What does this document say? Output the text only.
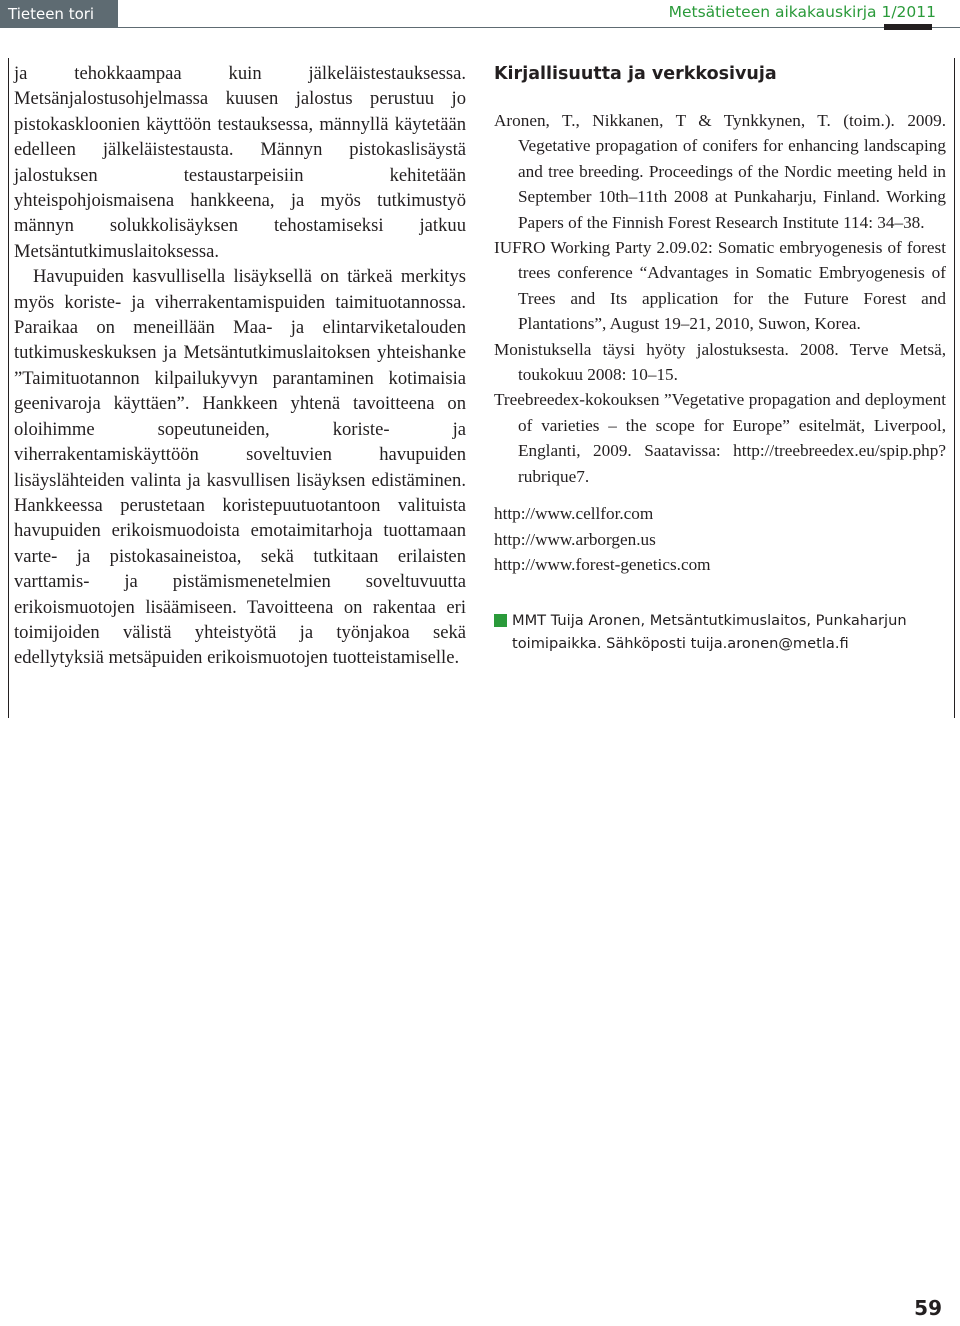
Tieteen tori	Metsätieteen aikakauskirja 1/2011

ja tehokkaampaa kuin jälkeläistestauksessa. Metsänjalostusohjelmassa kuusen jalostus perustuu jo pistokaskloonien käyttöön testauksessa, männyllä käytetään edelleen jälkeläistestausta. Männyn pistokaslisäystä jalostuksen testaustarpeisiin kehitetään yhteispohjoismaisena hankkeena, ja myös tutkimustyö männyn solukkolisäyksen tehostamiseksi jatkuu Metsäntutkimuslaitoksessa.

Havupuiden kasvullisella lisäyksellä on tärkeä merkitys myös koriste- ja viherrakentamispuiden taimituotannossa. Paraikaa on meneillään Maa- ja elintarviketalouden tutkimuskeskuksen ja Metsäntutkimuslaitoksen yhteishanke ”Taimituotannon kilpailukyvyn parantaminen kotimaisia geenivaroja käyttäen”. Hankkeen yhtenä tavoitteena on oloihimme sopeutuneiden, koriste- ja viherrakentamiskäyttöön soveltuvien havupuiden lisäyslähteiden valinta ja kasvullisen lisäyksen edistäminen. Hankkeessa perustetaan koristepuutuotantoon valituista havupuiden erikoismuodoista emotaimitarhoja tuottamaan varte- ja pistokasaineistoa, sekä tutkitaan erilaisten varttamis- ja pistämismenetelmien soveltuvuutta erikoismuotojen lisäämiseen. Tavoitteena on rakentaa eri toimijoiden välistä yhteistyötä ja työnjakoa sekä edellytyksiä metsäpuiden erikoismuotojen tuotteistamiselle.

Kirjallisuutta ja verkkosivuja

Aronen, T., Nikkanen, T & Tynkkynen, T. (toim.). 2009. Vegetative propagation of conifers for enhancing landscaping and tree breeding. Proceedings of the Nordic meeting held in September 10th–11th 2008 at Punkaharju, Finland. Working Papers of the Finnish Forest Research Institute 114: 34–38.

IUFRO Working Party 2.09.02: Somatic embryogenesis of forest trees conference “Advantages in Somatic Embryogenesis of Trees and Its application for the Future Forest and Plantations”, August 19–21, 2010, Suwon, Korea.

Monistuksella täysi hyöty jalostuksesta. 2008. Terve Metsä, toukokuu 2008: 10–15.

Treebreedex-kokouksen ”Vegetative propagation and deployment of varieties – the scope for Europe” esitelmät, Liverpool, Englanti, 2009. Saatavissa: http://treebreedex.eu/spip.php?rubrique7.

http://www.cellfor.com

http://www.arborgen.us

http://www.forest-genetics.com

MMT Tuija Aronen, Metsäntutkimuslaitos, Punkaharjun toimipaikka. Sähköposti tuija.aronen@metla.fi
59
